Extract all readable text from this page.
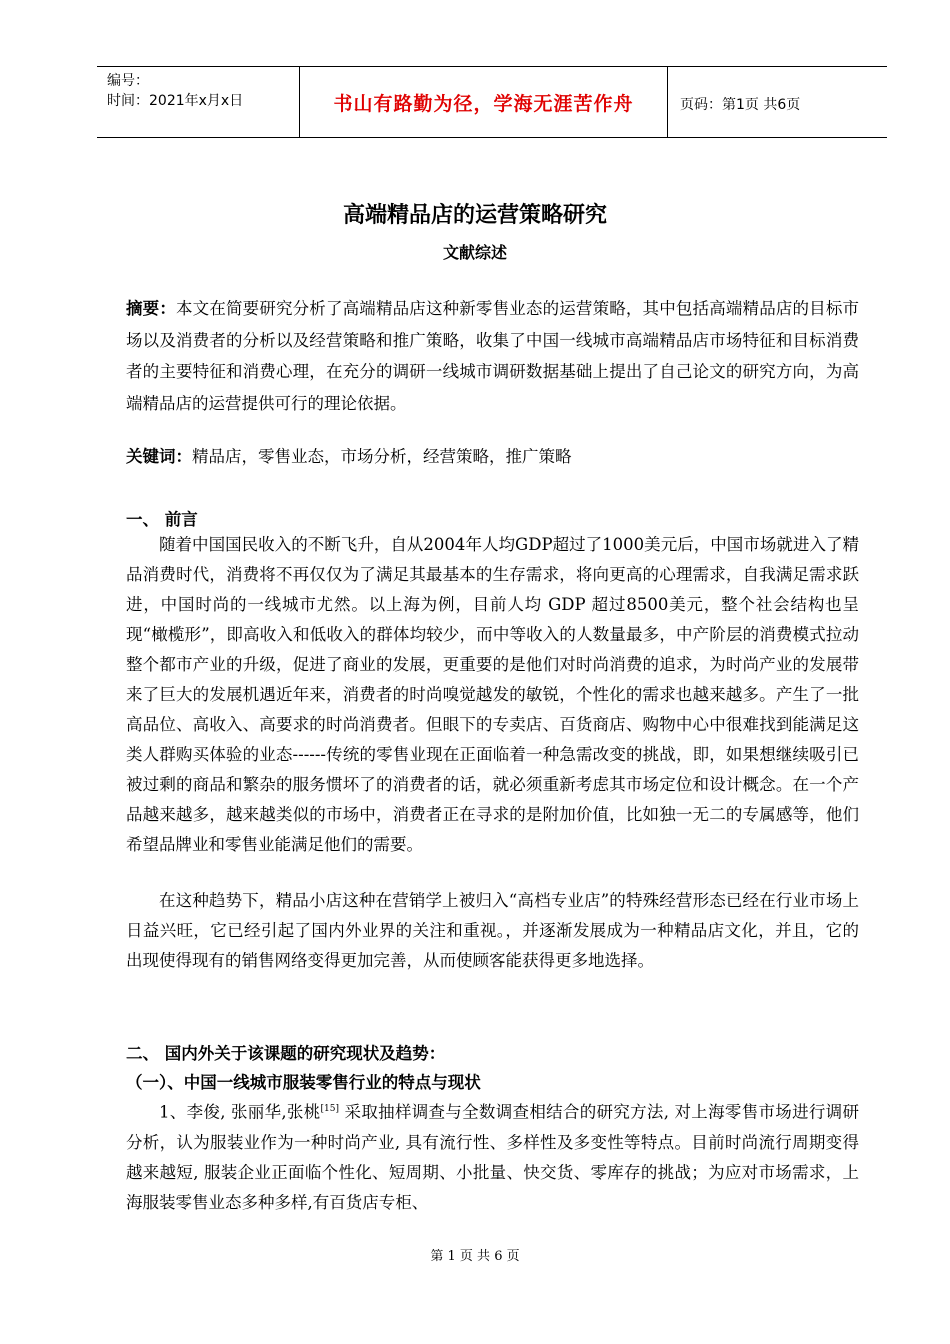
编号：
时间：2021年x月x日	书山有路勤为径，学海无涯苦作舟	页码：第1页 共6页
高端精品店的运营策略研究
文献综述
摘要：本文在简要研究分析了高端精品店这种新零售业态的运营策略，其中包括高端精品店的目标市场以及消费者的分析以及经营策略和推广策略，收集了中国一线城市高端精品店市场特征和目标消费者的主要特征和消费心理，在充分的调研一线城市调研数据基础上提出了自己论文的研究方向，为高端精品店的运营提供可行的理论依据。
关键词：精品店，零售业态，市场分析，经营策略，推广策略
一、 前言
随着中国国民收入的不断飞升，自从2004年人均GDP超过了1000美元后，中国市场就进入了精品消费时代，消费将不再仅仅为了满足其最基本的生存需求，将向更高的心理需求，自我满足需求跃进，中国时尚的一线城市尤然。以上海为例，目前人均 GDP 超过8500美元，整个社会结构也呈现“橄榄形”，即高收入和低收入的群体均较少，而中等收入的人数量最多，中产阶层的消费模式拉动整个都市产业的升级，促进了商业的发展，更重要的是他们对时尚消费的追求，为时尚产业的发展带来了巨大的发展机遇近年来，消费者的时尚嗅觉越发的敏锐，个性化的需求也越来越多。产生了一批高品位、高收入、高要求的时尚消费者。但眼下的专卖店、百货商店、购物中心中很难找到能满足这类人群购买体验的业态------传统的零售业现在正面临着一种急需改变的挑战，即，如果想继续吸引已被过剩的商品和繁杂的服务惯坏了的消费者的话，就必须重新考虑其市场定位和设计概念。在一个产品越来越多，越来越类似的市场中，消费者正在寻求的是附加价值，比如独一无二的专属感等，他们希望品牌业和零售业能满足他们的需要。
在这种趋势下，精品小店这种在营销学上被归入“高档专业店”的特殊经营形态已经在行业市场上日益兴旺，它已经引起了国内外业界的关注和重视。，并逐渐发展成为一种精品店文化，并且，它的出现使得现有的销售网络变得更加完善，从而使顾客能获得更多地选择。
二、 国内外关于该课题的研究现状及趋势：
（一）、中国一线城市服装零售行业的特点与现状
1、李俊, 张丽华,张桃[15] 采取抽样调查与全数调查相结合的研究方法, 对上海零售市场进行调研分析，认为服装业作为一种时尚产业, 具有流行性、多样性及多变性等特点。目前时尚流行周期变得越来越短, 服装企业正面临个性化、短周期、小批量、快交货、零库存的挑战；为应对市场需求，上海服装零售业态多种多样,有百货店专柜、
第 1 页 共 6 页
